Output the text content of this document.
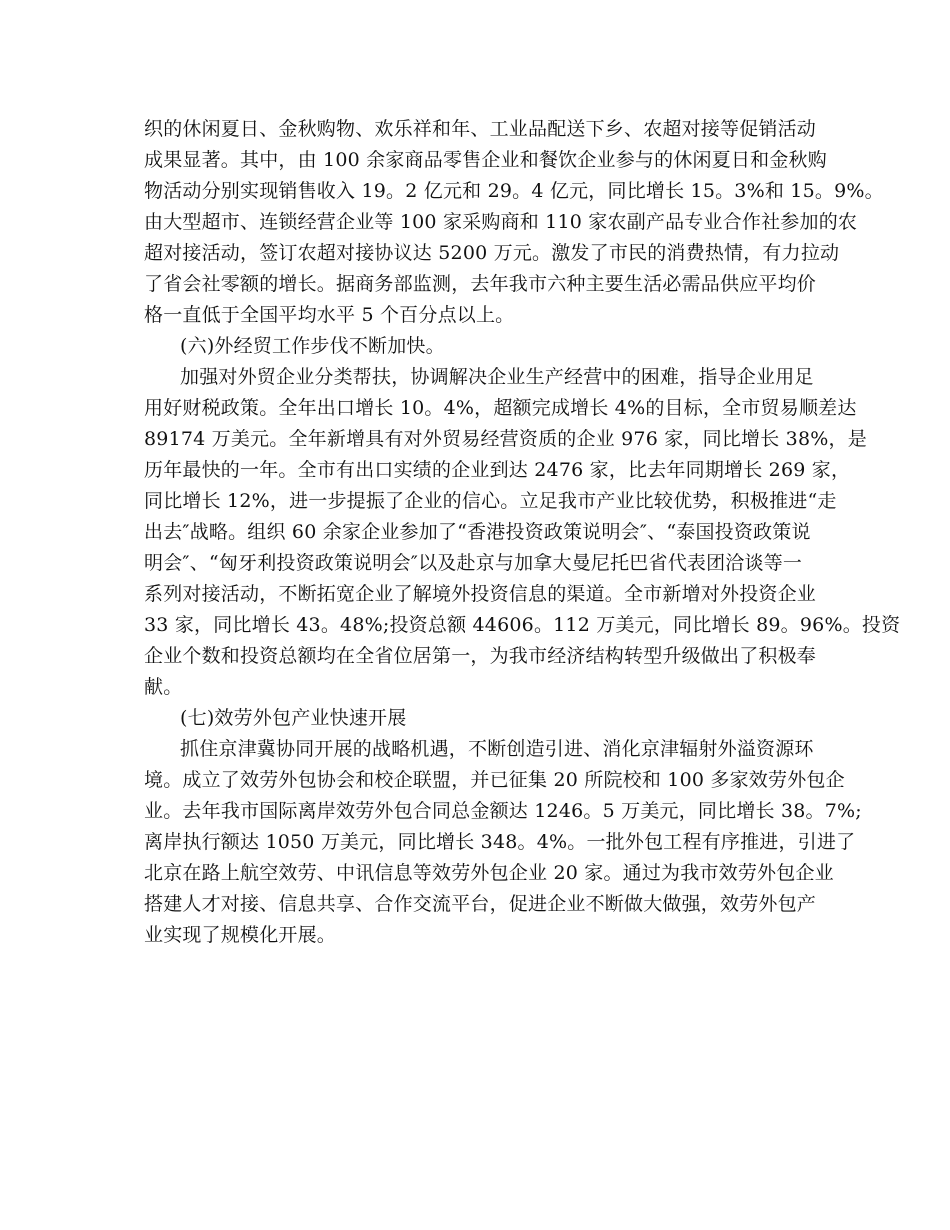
织的休闲夏日、金秋购物、欢乐祥和年、工业品配送下乡、农超对接等促销活动
成果显著。其中，由 100 余家商品零售企业和餐饮企业参与的休闲夏日和金秋购
物活动分别实现销售收入 19。2 亿元和 29。4 亿元，同比增长 15。3%和 15。9%。
由大型超市、连锁经营企业等 100 家采购商和 110 家农副产品专业合作社参加的农
超对接活动，签订农超对接协议达 5200 万元。激发了市民的消费热情，有力拉动
了省会社零额的增长。据商务部监测，去年我市六种主要生活必需品供应平均价
格一直低于全国平均水平 5 个百分点以上。
(六)外经贸工作步伐不断加快。
加强对外贸企业分类帮扶，协调解决企业生产经营中的困难，指导企业用足
用好财税政策。全年出口增长 10。4%，超额完成增长 4%的目标，全市贸易顺差达
89174 万美元。全年新增具有对外贸易经营资质的企业 976 家，同比增长 38%，是
历年最快的一年。全市有出口实绩的企业到达 2476 家，比去年同期增长 269 家，
同比增长 12%，进一步提振了企业的信心。立足我市产业比较优势，积极推进“走
出去″战略。组织 60 余家企业参加了“香港投资政策说明会″、“泰国投资政策说
明会″、“匈牙利投资政策说明会″以及赴京与加拿大曼尼托巴省代表团洽谈等一
系列对接活动，不断拓宽企业了解境外投资信息的渠道。全市新增对外投资企业
33 家，同比增长 43。48%;投资总额 44606。112 万美元，同比增长 89。96%。投资
企业个数和投资总额均在全省位居第一，为我市经济结构转型升级做出了积极奉
献。
(七)效劳外包产业快速开展
抓住京津冀协同开展的战略机遇，不断创造引进、消化京津辐射外溢资源环
境。成立了效劳外包协会和校企联盟，并已征集 20 所院校和 100 多家效劳外包企
业。去年我市国际离岸效劳外包合同总金额达 1246。5 万美元，同比增长 38。7%;
离岸执行额达 1050 万美元，同比增长 348。4%。一批外包工程有序推进，引进了
北京在路上航空效劳、中讯信息等效劳外包企业 20 家。通过为我市效劳外包企业
搭建人才对接、信息共享、合作交流平台，促进企业不断做大做强，效劳外包产
业实现了规模化开展。
